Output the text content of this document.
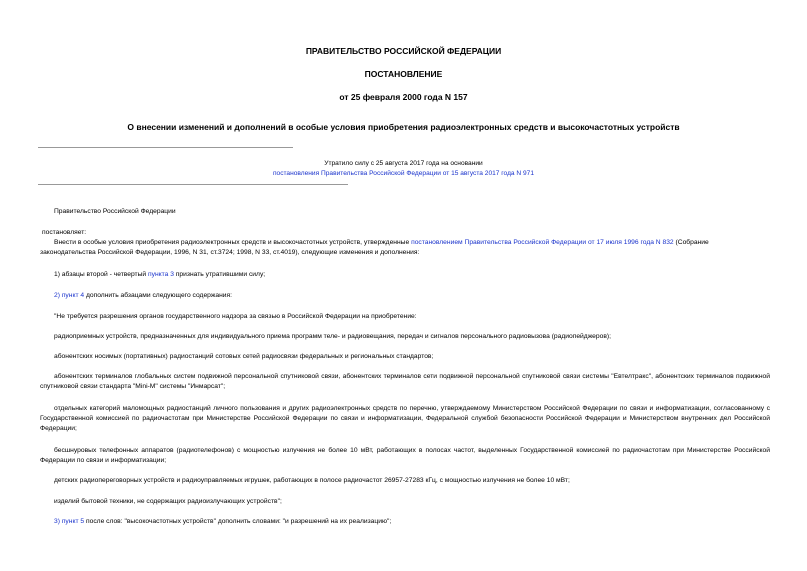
ПРАВИТЕЛЬСТВО РОССИЙСКОЙ ФЕДЕРАЦИИ
ПОСТАНОВЛЕНИЕ
от 25 февраля 2000 года N 157
О внесении изменений и дополнений в особые условия приобретения радиоэлектронных средств и высокочастотных устройств
Утратило силу с 25 августа 2017 года на основании
постановления Правительства Российской Федерации от 15 августа 2017 года N 971
Правительство Российской Федерации
постановляет:
Внести в особые условия приобретения радиоэлектронных средств и высокочастотных устройств, утвержденные постановлением Правительства Российской Федерации от 17 июля 1996 года N 832 (Собрание
законодательства Российской Федерации, 1996, N 31, ст.3724; 1998, N 33, ст.4019), следующие изменения и дополнения:
1) абзацы второй - четвертый пункта 3 признать утратившими силу;
2) пункт 4 дополнить абзацами следующего содержания:
"Не требуется разрешения органов государственного надзора за связью в Российской Федерации на приобретение:
радиоприемных устройств, предназначенных для индивидуального приема программ теле- и радиовещания, передач и сигналов персонального радиовызова (радиопейджеров);
абонентских носимых (портативных) радиостанций сотовых сетей радиосвязи федеральных и региональных стандартов;
абонентских терминалов глобальных систем подвижной персональной спутниковой связи, абонентских терминалов сети подвижной персональной спутниковой связи системы "Евтелтракс", абонентских терминалов подвижной спутниковой связи стандарта "Mini-M" системы "Инмарсат";
отдельных категорий маломощных радиостанций личного пользования и других радиоэлектронных средств по перечню, утверждаемому Министерством Российской Федерации по связи и информатизации, согласованному с Государственной комиссией по радиочастотам при Министерстве Российской Федерации по связи и информатизации, Федеральной службой безопасности Российской Федерации и Министерством внутренних дел Российской Федерации;
бесшнуровых телефонных аппаратов (радиотелефонов) с мощностью излучения не более 10 мВт, работающих в полосах частот, выделенных Государственной комиссией по радиочастотам при Министерстве Российской Федерации по связи и информатизации;
детских радиопереговорных устройств и радиоуправляемых игрушек, работающих в полосе радиочастот 26957-27283 кГц, с мощностью излучения не более 10 мВт;
изделий бытовой техники, не содержащих радиоизлучающих устройств";
3) пункт 5 после слов: "высокочастотных устройств" дополнить словами: "и разрешений на их реализацию";
